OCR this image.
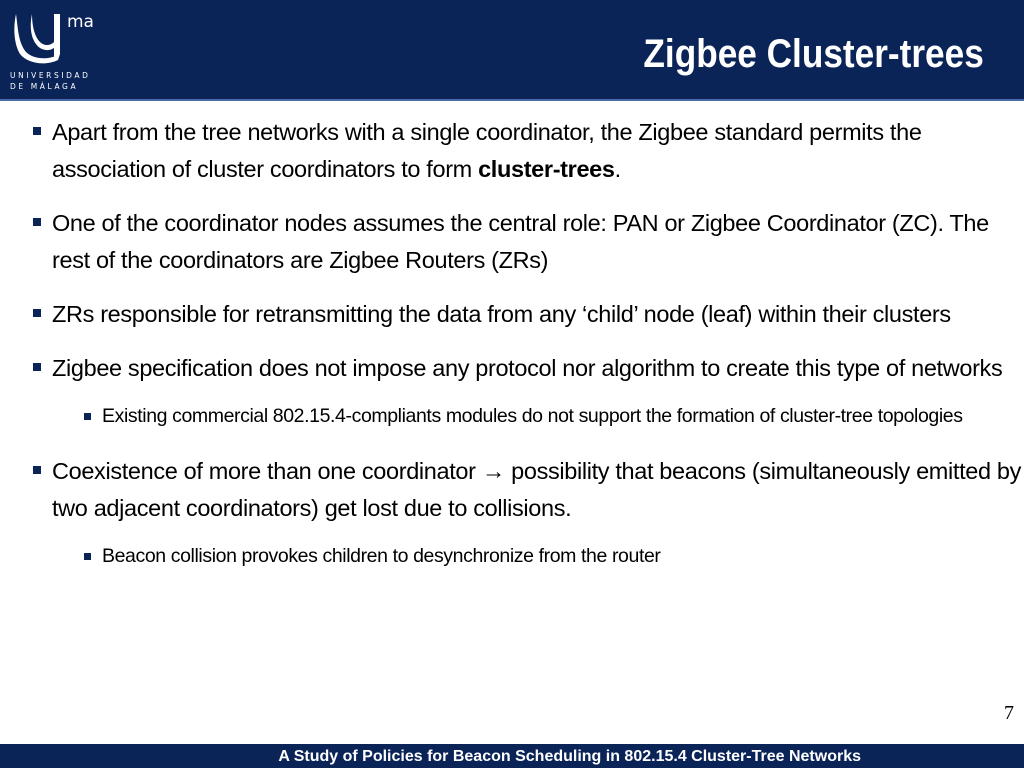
ma
UNIVERSIDAD
DE MÁLAGA
Zigbee Cluster-trees
Apart from the tree networks with a single coordinator, the Zigbee standard permits the association of cluster coordinators to form cluster-trees.
One of the coordinator nodes assumes the central role: PAN or Zigbee Coordinator (ZC). The rest of the coordinators are Zigbee Routers (ZRs)
ZRs responsible for retransmitting the data from any ‘child’ node (leaf) within their clusters
Zigbee specification does not impose any protocol nor algorithm to create this type of networks
Existing commercial 802.15.4-compliants modules do not support the formation of cluster-tree topologies
Coexistence of more than one coordinator → possibility that beacons (simultaneously emitted by two adjacent coordinators) get lost due to collisions.
Beacon collision provokes children to desynchronize from the router
7
A Study of Policies for Beacon Scheduling in 802.15.4 Cluster-Tree Networks
